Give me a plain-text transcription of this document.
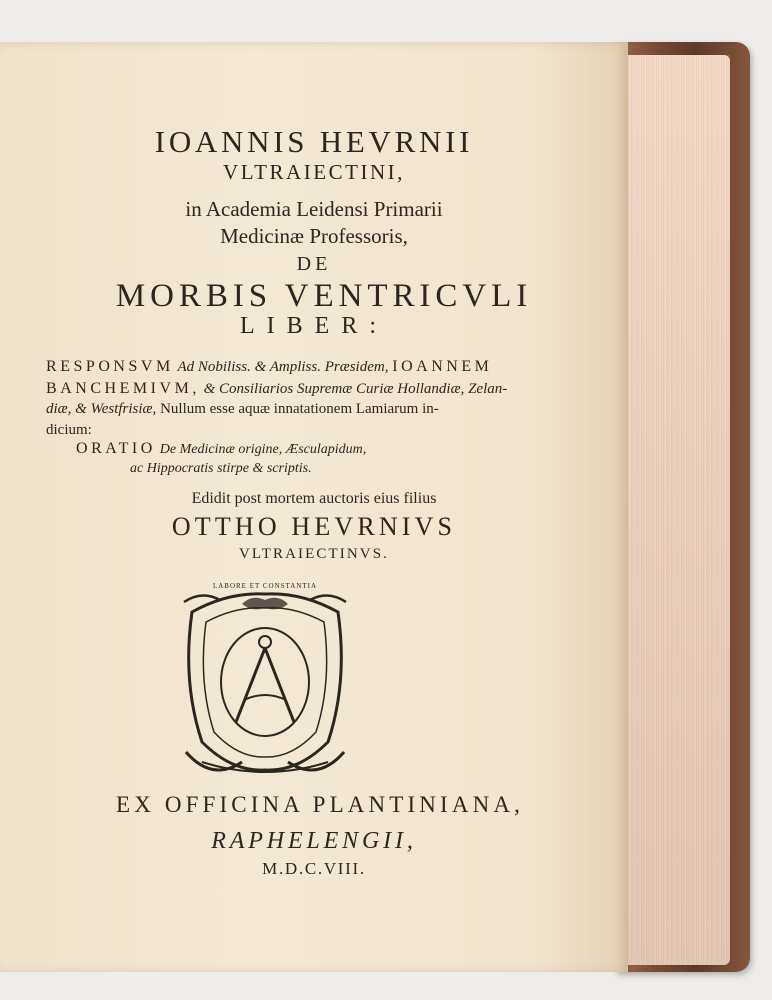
IOANNIS HEVRNII
VLTRAIECTINI,
in Academia Leidensi Primarii
Medicinæ Professoris,
DE
MORBIS VENTRICVLI
LIBER:
RESPONSVM Ad Nobiliss. & Ampliss. Præsidem, IOANNEM
BANCHEMIVM, & Consiliarios Supremæ Curiæ Hollandiæ, Zelan-
diæ, & Westfrisiæ, Nullum esse aquæ innatationem Lamiarum in-
dicium:
ORATIO De Medicinæ origine, Æsculapidum,
ac Hippocratis stirpe & scriptis.
Edidit post mortem auctoris eius filius
OTTHO HEVRNIVS
VLTRAIECTINVS.
LABORE ET CONSTANTIA
EX OFFICINA PLANTINIANA,
RAPHELENGII,
M.D.C.VIII.
